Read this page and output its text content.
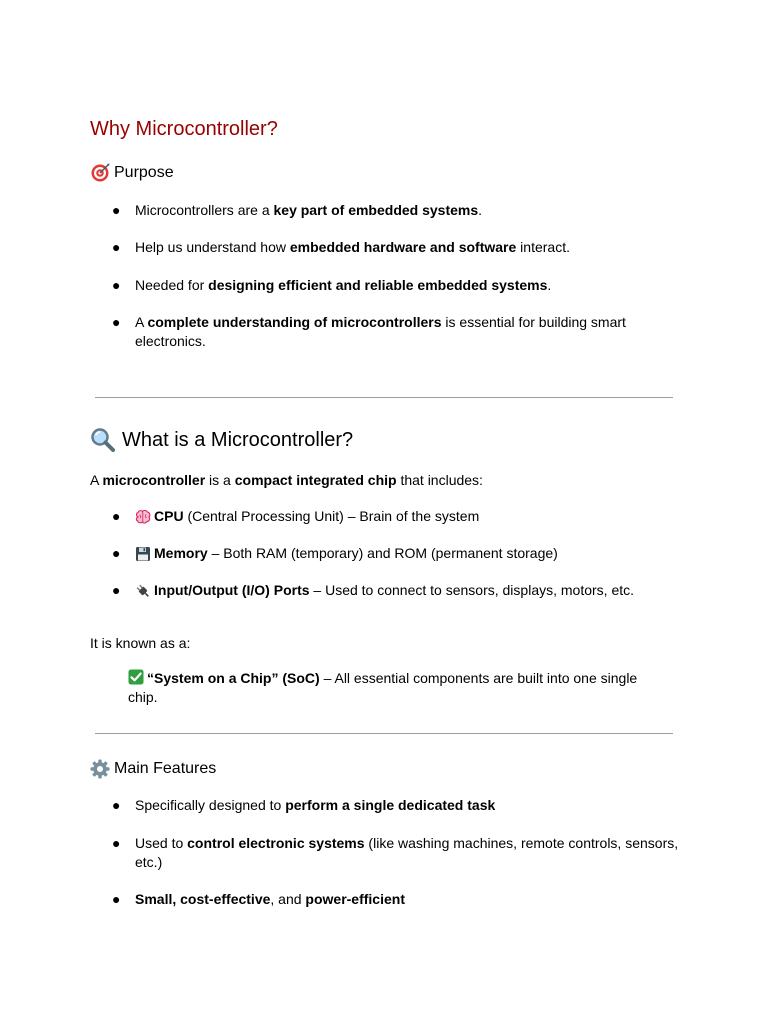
Why Microcontroller?
Purpose
● Microcontrollers are a key part of embedded systems.
● Help us understand how embedded hardware and software interact.
● Needed for designing efficient and reliable embedded systems.
● A complete understanding of microcontrollers is essential for building smart electronics.
What is a Microcontroller?
A microcontroller is a compact integrated chip that includes:
●	CPU (Central Processing Unit) – Brain of the system
●	Memory – Both RAM (temporary) and ROM (permanent storage)
●	Input/Output (I/O) Ports – Used to connect to sensors, displays, motors, etc.
It is known as a:
“System on a Chip” (SoC) – All essential components are built into one single chip.
Main Features
● Specifically designed to perform a single dedicated task
● Used to control electronic systems (like washing machines, remote controls, sensors, etc.)
● Small, cost-effective, and power-efficient
